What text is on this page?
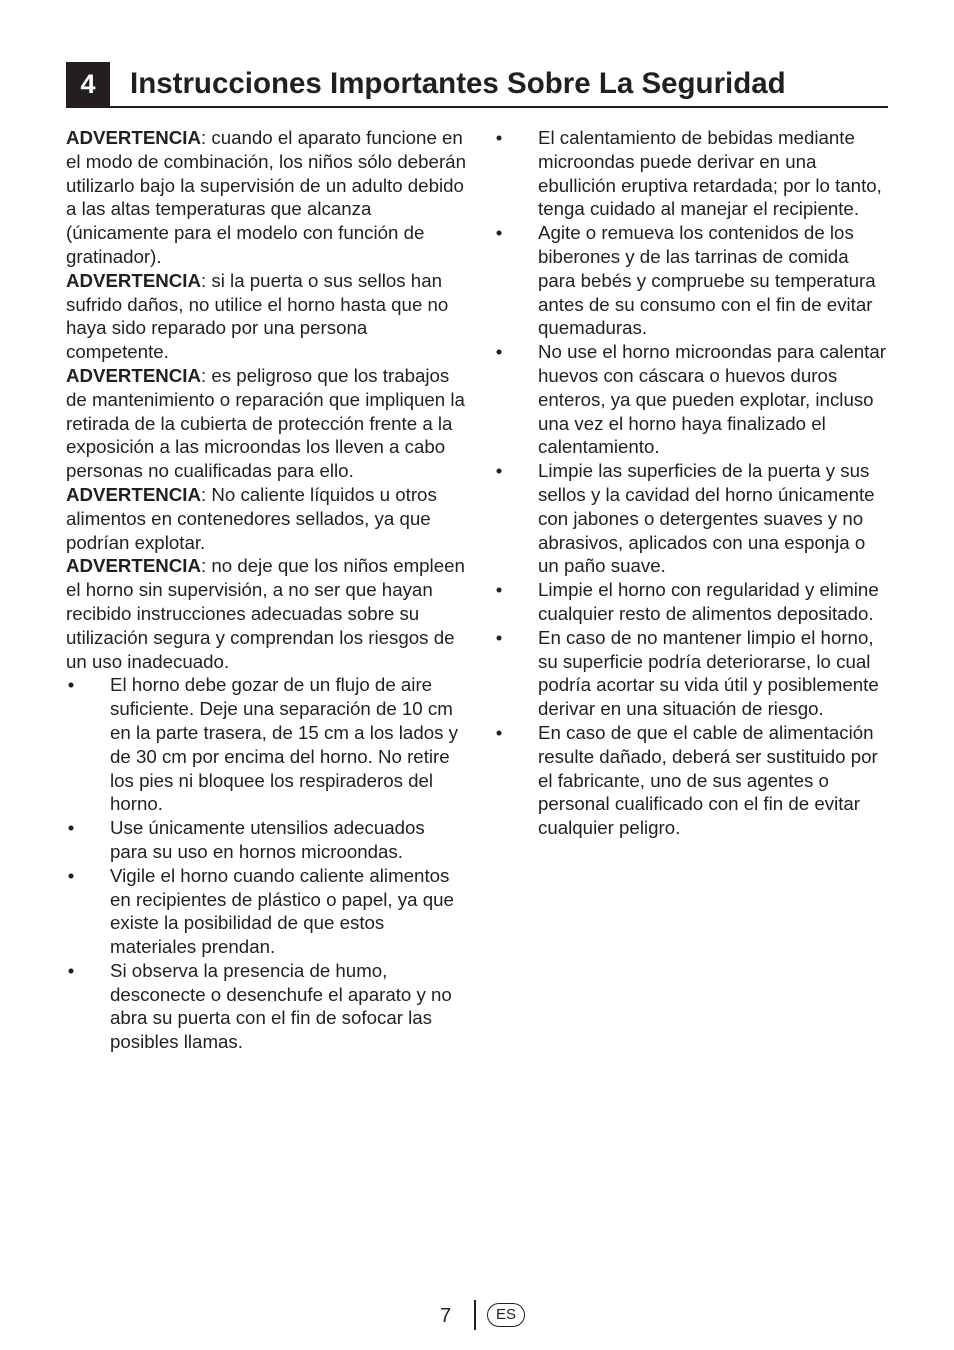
4	Instrucciones Importantes Sobre La Seguridad

ADVERTENCIA: cuando el aparato funcione en el modo de combinación, los niños sólo deberán utilizarlo bajo la supervisión de un adulto debido a las altas temperaturas que alcanza (únicamente para el modelo con función de gratinador).

ADVERTENCIA: si la puerta o sus sellos han sufrido daños, no utilice el horno hasta que no haya sido reparado por una persona competente.

ADVERTENCIA: es peligroso que los trabajos de mantenimiento o reparación que impliquen la retirada de la cubierta de protección frente a la exposición a las microondas los lleven a cabo personas no cualificadas para ello.

ADVERTENCIA: No caliente líquidos u otros alimentos en contenedores sellados, ya que podrían explotar.

ADVERTENCIA: no deje que los niños empleen el horno sin supervisión, a no ser que hayan recibido instrucciones adecuadas sobre su utilización segura y comprendan los riesgos de un uso inadecuado.

• El horno debe gozar de un flujo de aire suficiente. Deje una separación de 10 cm en la parte trasera, de 15 cm a los lados y de 30 cm por encima del horno. No retire los pies ni bloquee los respiraderos del horno.
• Use únicamente utensilios adecuados para su uso en hornos microondas.
• Vigile el horno cuando caliente alimentos en recipientes de plástico o papel, ya que existe la posibilidad de que estos materiales prendan.
• Si observa la presencia de humo, desconecte o desenchufe el aparato y no abra su puerta con el fin de sofocar las posibles llamas.
• El calentamiento de bebidas mediante microondas puede derivar en una ebullición eruptiva retardada; por lo tanto, tenga cuidado al manejar el recipiente.
• Agite o remueva los contenidos de los biberones y de las tarrinas de comida para bebés y compruebe su temperatura antes de su consumo con el fin de evitar quemaduras.
• No use el horno microondas para calentar huevos con cáscara o huevos duros enteros, ya que pueden explotar, incluso una vez el horno haya finalizado el calentamiento.
• Limpie las superficies de la puerta y sus sellos y la cavidad del horno únicamente con jabones o detergentes suaves y no abrasivos, aplicados con una esponja o un paño suave.
• Limpie el horno con regularidad y elimine cualquier resto de alimentos depositado.
• En caso de no mantener limpio el horno, su superficie podría deteriorarse, lo cual podría acortar su vida útil y posiblemente derivar en una situación de riesgo.
• En caso de que el cable de alimentación resulte dañado, deberá ser sustituido por el fabricante, uno de sus agentes o personal cualificado con el fin de evitar cualquier peligro.
7	ES
